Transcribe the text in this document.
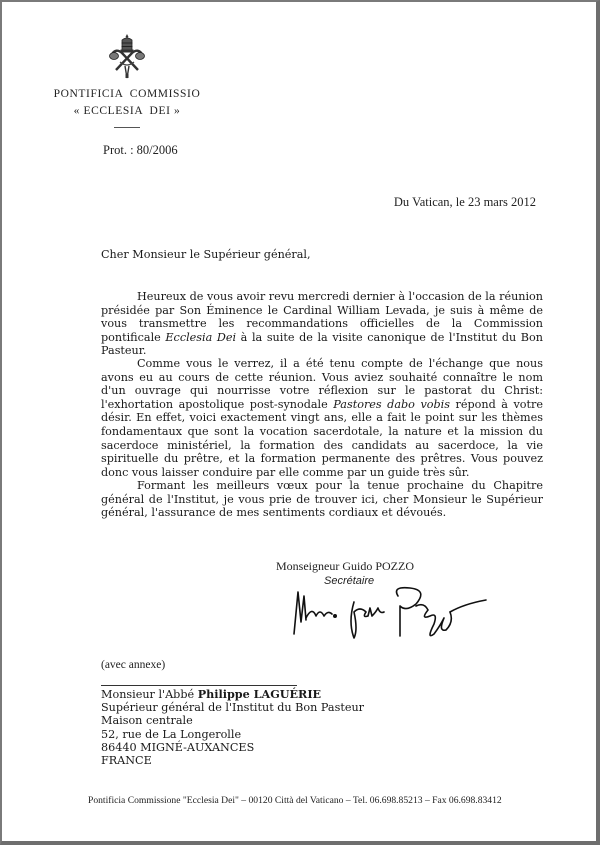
PONTIFICIA  COMMISSIO
« ECCLESIA  DEI »
Prot. : 80/2006
Du Vatican, le 23 mars 2012
Cher Monsieur le Supérieur général,

Heureux de vous avoir revu mercredi dernier à l'occasion de la réunion présidée par Son Éminence le Cardinal William Levada, je suis à même de vous transmettre les recommandations officielles de la Commission pontificale Ecclesia Dei à la suite de la visite canonique de l'Institut du Bon Pasteur.

Comme vous le verrez, il a été tenu compte de l'échange que nous avons eu au cours de cette réunion. Vous aviez souhaité connaître le nom d'un ouvrage qui nourrisse votre réflexion sur le pastorat du Christ: l'exhortation apostolique post-synodale Pastores dabo vobis répond à votre désir. En effet, voici exactement vingt ans, elle a fait le point sur les thèmes fondamentaux que sont la vocation sacerdotale, la nature et la mission du sacerdoce ministériel, la formation des candidats au sacerdoce, la vie spirituelle du prêtre, et la formation permanente des prêtres. Vous pouvez donc vous laisser conduire par elle comme par un guide très sûr.

Formant les meilleurs vœux pour la tenue prochaine du Chapitre général de l'Institut, je vous prie de trouver ici, cher Monsieur le Supérieur général, l'assurance de mes sentiments cordiaux et dévoués.

Monseigneur Guido POZZO
Secrétaire
(avec annexe)
Monsieur l'Abbé Philippe LAGUÉRIE
Supérieur général de l'Institut du Bon Pasteur
Maison centrale
52, rue de La Longerolle
86440 MIGNÉ-AUXANCES
FRANCE
Pontificia Commissione "Ecclesia Dei" – 00120 Città del Vaticano – Tel. 06.698.85213 – Fax 06.698.83412
